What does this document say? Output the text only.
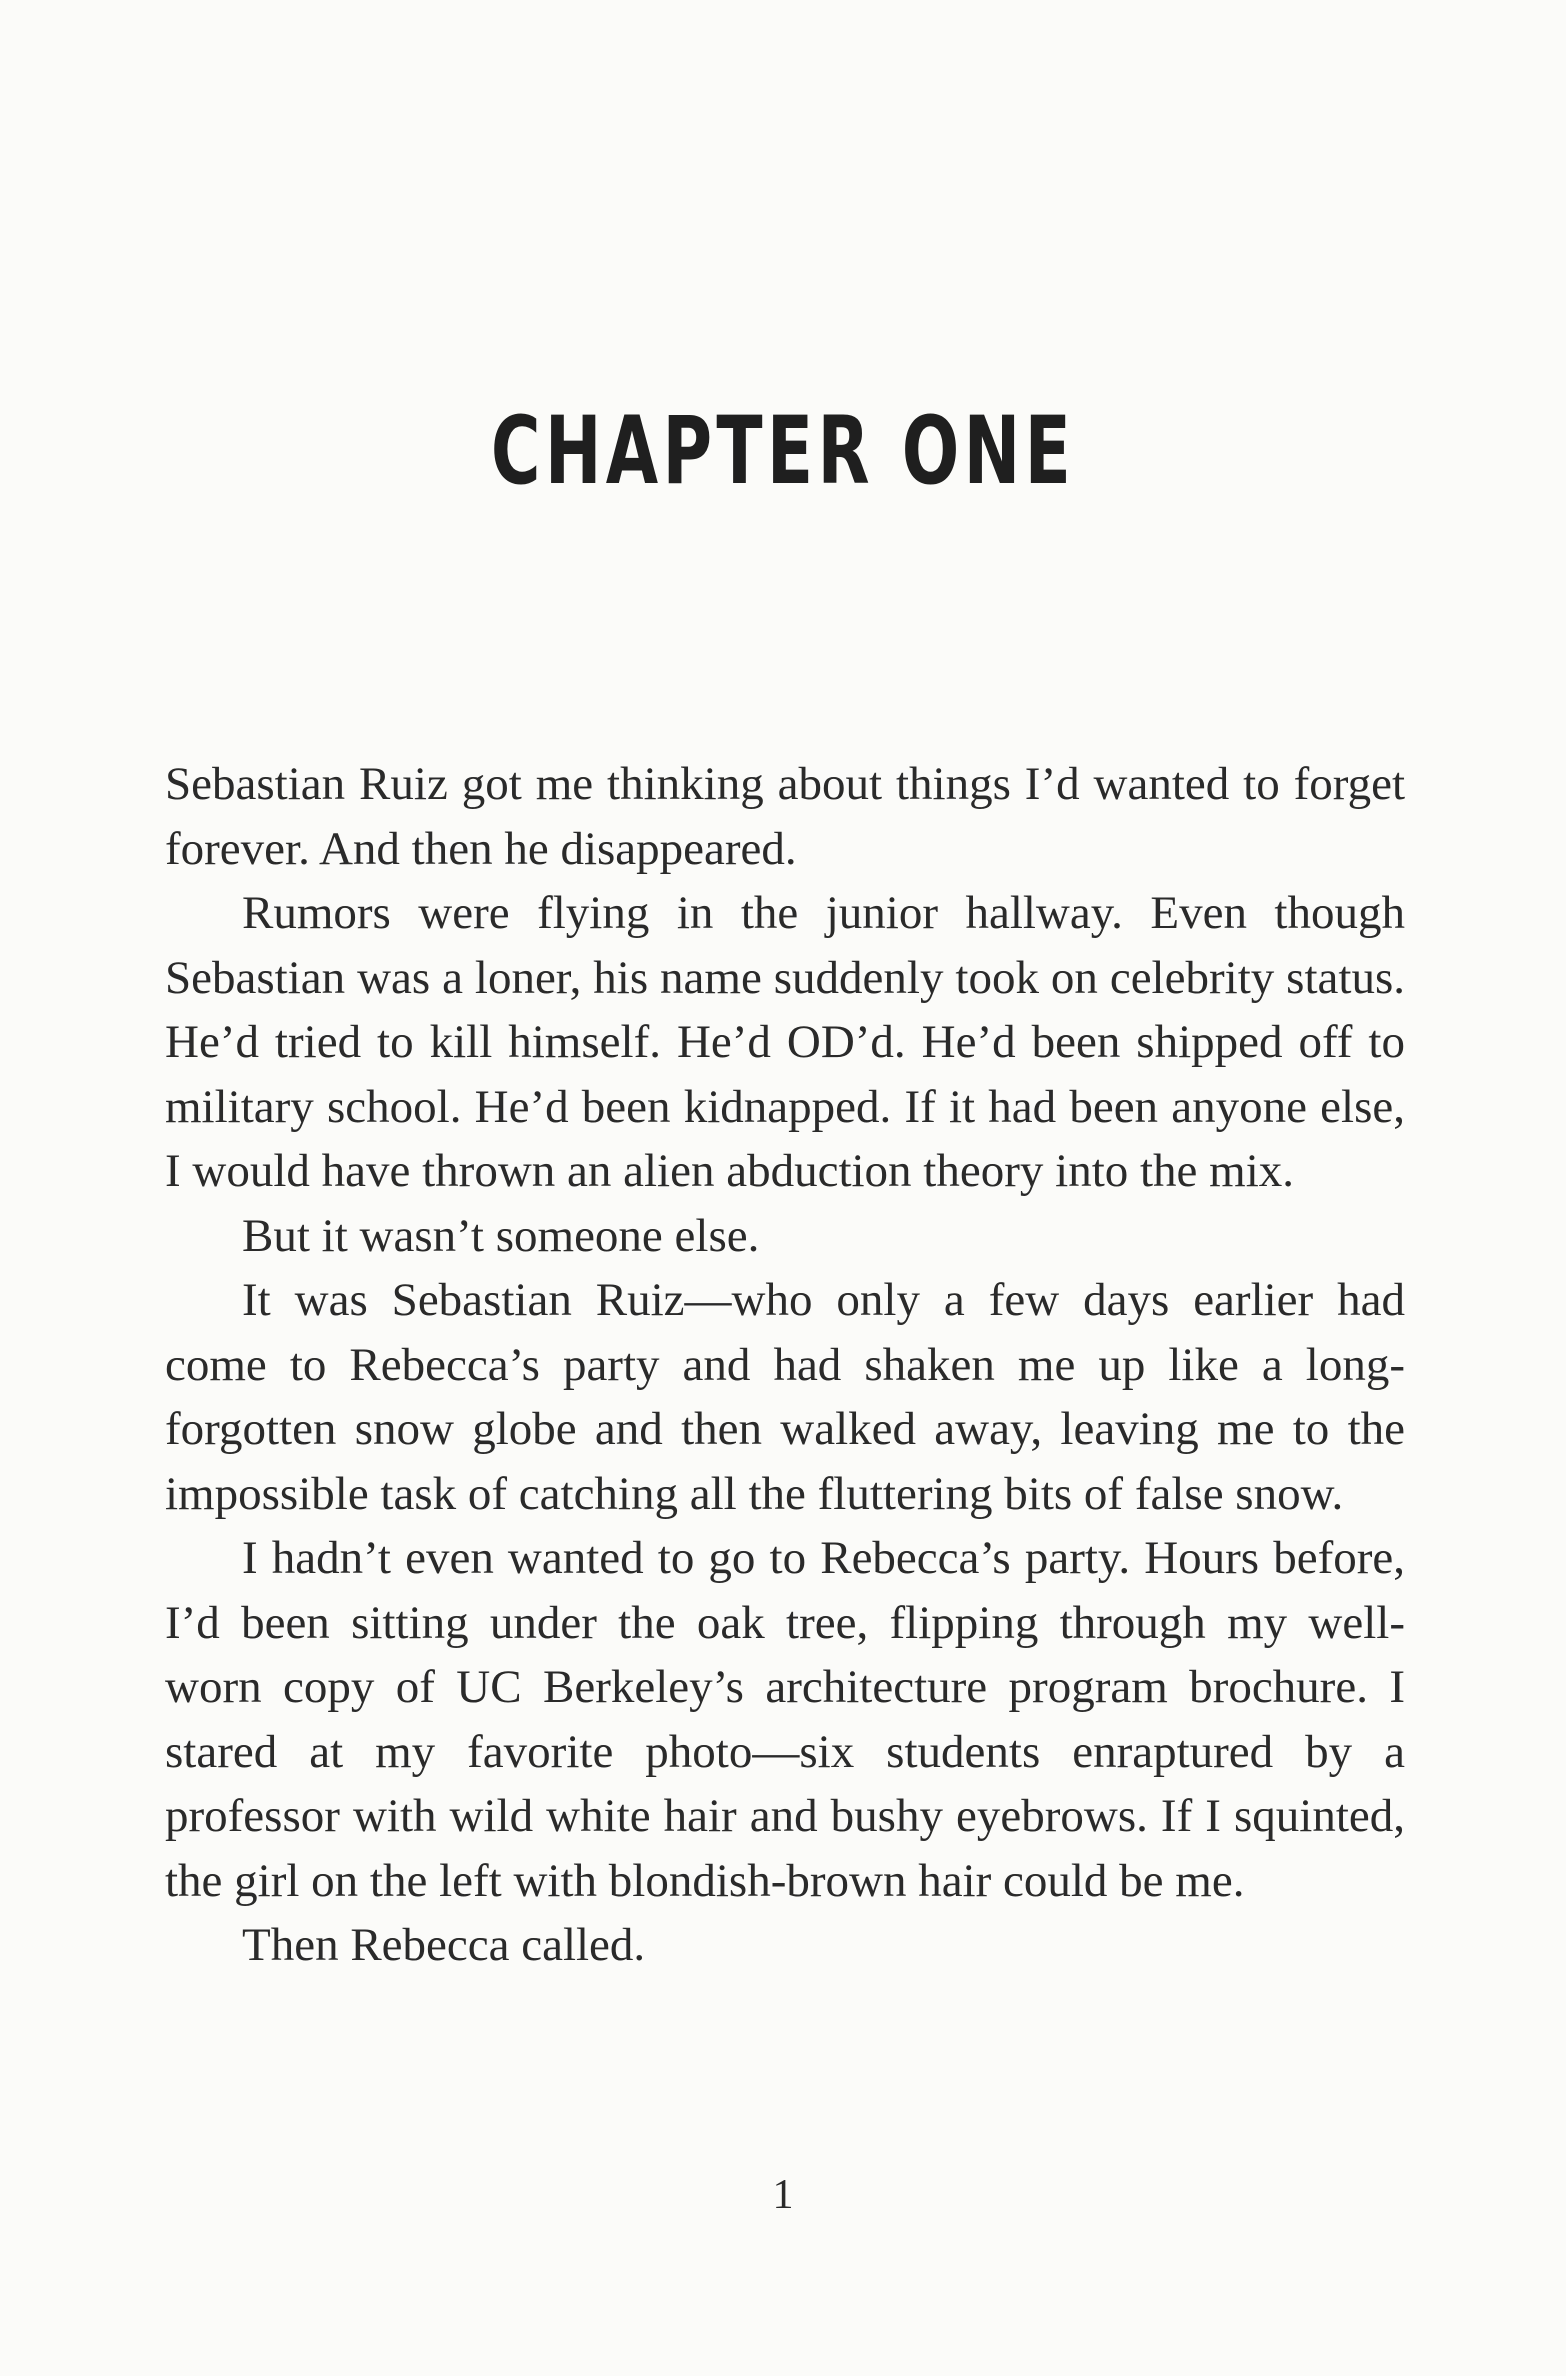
CHAPTER ONE

Sebastian Ruiz got me thinking about things I’d wanted to forget forever. And then he disappeared.

Rumors were flying in the junior hallway. Even though Sebastian was a loner, his name suddenly took on celebrity status. He’d tried to kill himself. He’d OD’d. He’d been shipped off to military school. He’d been kidnapped. If it had been anyone else, I would have thrown an alien abduction theory into the mix.

But it wasn’t someone else.

It was Sebastian Ruiz—who only a few days earlier had come to Rebecca’s party and had shaken me up like a long-forgotten snow globe and then walked away, leaving me to the impossible task of catching all the fluttering bits of false snow.

I hadn’t even wanted to go to Rebecca’s party. Hours before, I’d been sitting under the oak tree, flipping through my well-worn copy of UC Berkeley’s architecture program brochure. I stared at my favorite photo—six students enraptured by a professor with wild white hair and bushy eyebrows. If I squinted, the girl on the left with blondish-brown hair could be me.

Then Rebecca called.

1
